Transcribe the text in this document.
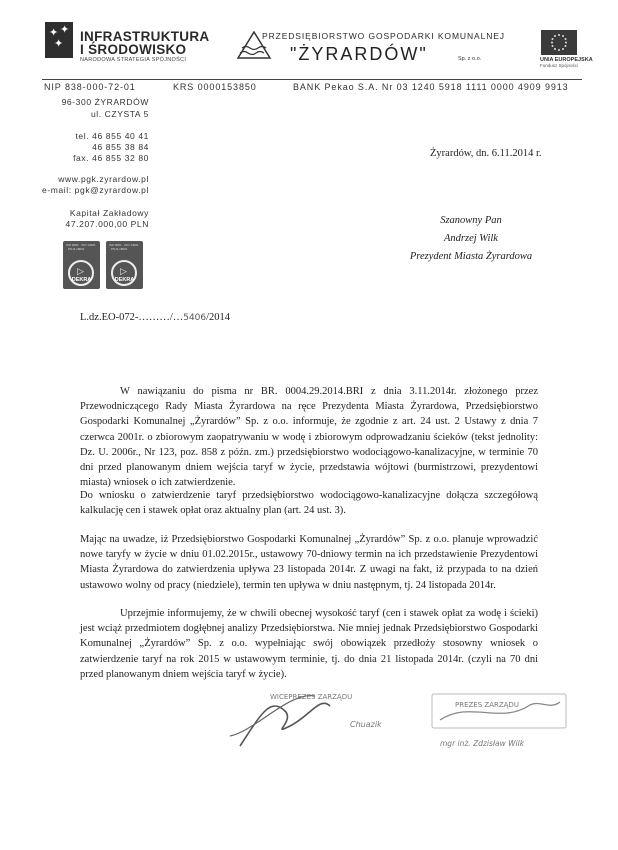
✦ ✦
✦ INFRASTRUKTURA
I ŚRODOWISKO
NARODOWA STRATEGIA SPÓJNOŚCI
PRZEDSIĘBIORSTWO GOSPODARKI KOMUNALNEJ
"ŻYRARDÓW"	Sp. z o.o.	UNIA EUROPEJSKA
Fundusz Spójności
NIP 838-000-72-01	KRS 0000153850	BANK Pekao S.A. Nr 03 1240 5918 1111 0000 4909 9913
96-300 ŻYRARDÓW
ul. CZYSTA 5
tel. 46 855 40 41
46 855 38 84
fax. 46 855 32 80
www.pgk.zyrardow.pl
e-mail: pgk@zyrardow.pl
Kapitał Zakładowy
47.207.000,00 PLN
ISO 9001 · ISO 14001 · PN-N-18001
▷
DEKRA
ISO 9001 · ISO 14001 · PN-N-18001
▷
DEKRA
Żyrardów, dn. 6.11.2014 r.
Szanowny Pan
Andrzej Wilk
Prezydent Miasta Żyrardowa
L.dz.EO-072-………/…5406/2014
W nawiązaniu do pisma nr BR. 0004.29.2014.BRI z dnia 3.11.2014r. złożonego przez Przewodniczącego Rady Miasta Żyrardowa na ręce Prezydenta Miasta Żyrardowa, Przedsiębiorstwo Gospodarki Komunalnej „Żyrardów” Sp. z o.o. informuje, że zgodnie z art. 24 ust. 2 Ustawy z dnia 7 czerwca 2001r. o zbiorowym zaopatrywaniu w wodę i zbiorowym odprowadzaniu ścieków (tekst jednolity: Dz. U. 2006r., Nr 123, poz. 858 z późn. zm.) przedsiębiorstwo wodociągowo-kanalizacyjne, w terminie 70 dni przed planowanym dniem wejścia taryf w życie, przedstawia wójtowi (burmistrzowi, prezydentowi miasta) wniosek o ich zatwierdzenie.
Do wniosku o zatwierdzenie taryf przedsiębiorstwo wodociągowo-kanalizacyjne dołącza szczegółową kalkulację cen i stawek opłat oraz aktualny plan (art. 24 ust. 3).
Mając na uwadze, iż Przedsiębiorstwo Gospodarki Komunalnej „Żyrardów” Sp. z o.o. planuje wprowadzić nowe taryfy w życie w dniu 01.02.2015r., ustawowy 70-dniowy termin na ich przedstawienie Prezydentowi Miasta Żyrardowa do zatwierdzenia upływa 23 listopada 2014r. Z uwagi na fakt, iż przypada to na dzień ustawowo wolny od pracy (niedziele), termin ten upływa w dniu następnym, tj. 24 listopada 2014r.
Uprzejmie informujemy, że w chwili obecnej wysokość taryf (cen i stawek opłat za wodę i ścieki) jest wciąż przedmiotem dogłębnej analizy Przedsiębiorstwa. Nie mniej jednak Przedsiębiorstwo Gospodarki Komunalnej „Żyrardów” Sp. z o.o. wypełniając swój obowiązek przedłoży stosowny wniosek o zatwierdzenie taryf na rok 2015 w ustawowym terminie, tj. do dnia 21 listopada 2014r. (czyli na 70 dni przed planowanym dniem wejścia taryf w życie).
WICEPREZES ZARZĄDU
Chuazik
PREZES ZARZĄDU
mgr inż. Zdzisław Wilk
